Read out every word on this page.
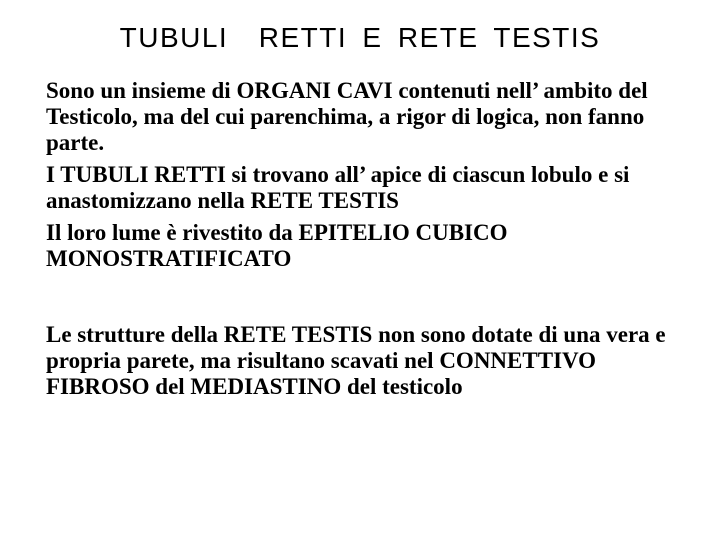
TUBULI  RETTI E RETE TESTIS

Sono un insieme di ORGANI CAVI contenuti nell’ ambito del Testicolo, ma del cui parenchima, a rigor di logica, non fanno parte.

I TUBULI RETTI si trovano all’ apice di ciascun lobulo e si anastomizzano nella RETE TESTIS

Il loro lume è rivestito da EPITELIO CUBICO MONOSTRATIFICATO

Le strutture della RETE TESTIS non sono dotate di una vera e propria parete, ma risultano scavati nel CONNETTIVO FIBROSO del MEDIASTINO del testicolo
